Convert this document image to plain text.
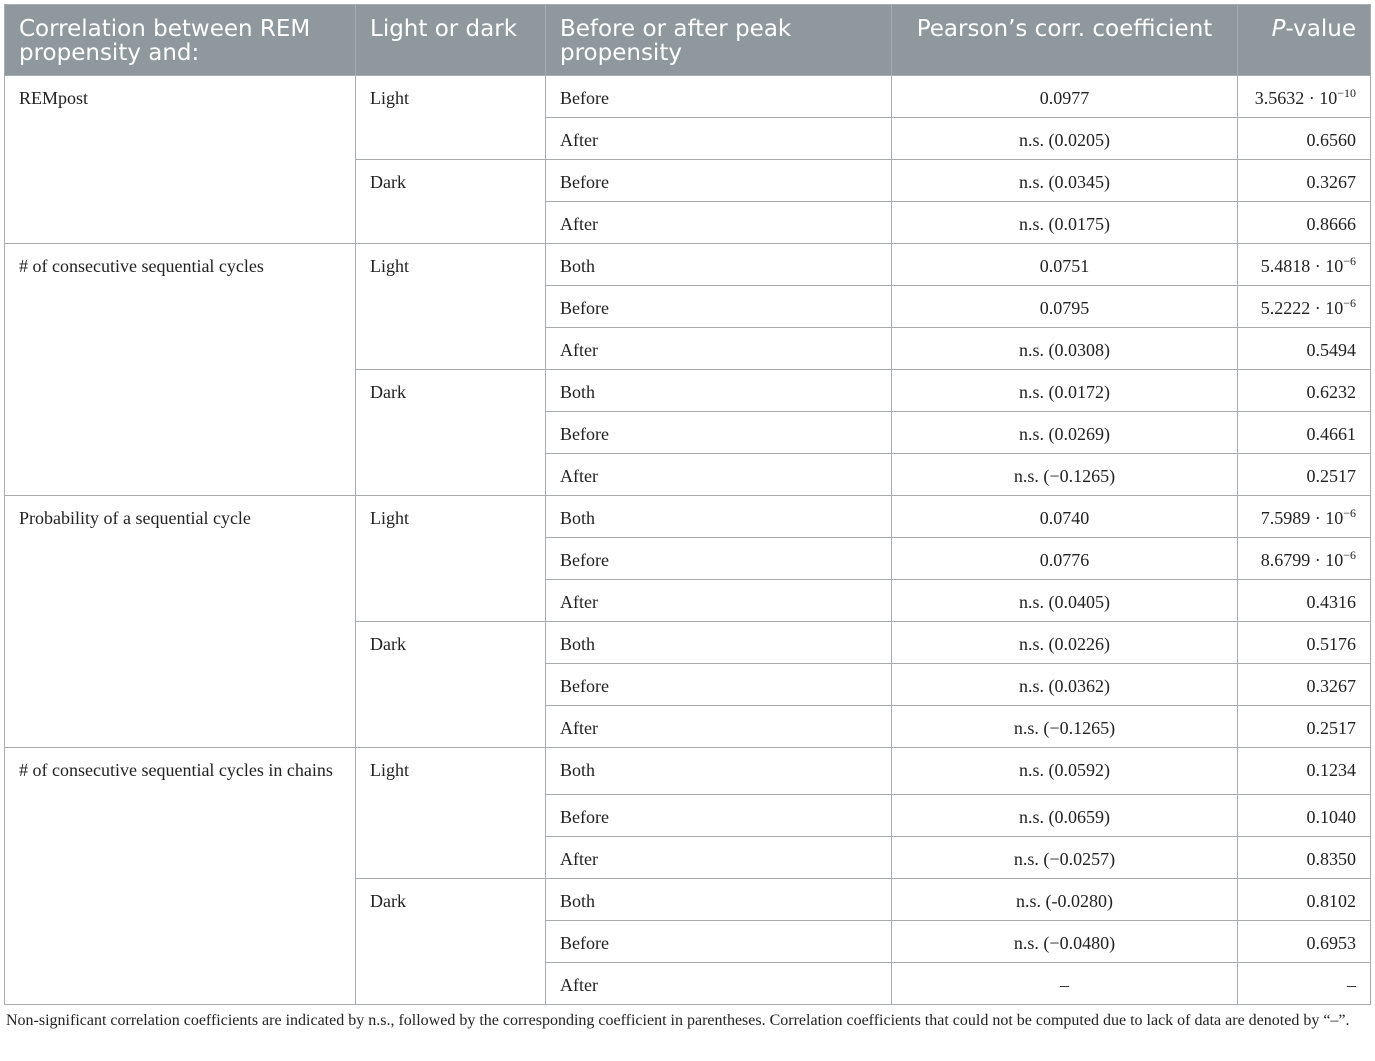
Correlation between REM propensity and:	Light or dark	Before or after peak propensity	Pearson’s corr. coefficient	P-value
REMpost	Light	Before	0.0977	$3.5632 \cdot 10^{-10}$
		After	n.s. (0.0205)	0.6560
	Dark	Before	n.s. (0.0345)	0.3267
		After	n.s. (0.0175)	0.8666
# of consecutive sequential cycles	Light	Both	0.0751	$5.4818 \cdot 10^{-6}$
		Before	0.0795	$5.2222 \cdot 10^{-6}$
		After	n.s. (0.0308)	0.5494
	Dark	Both	n.s. (0.0172)	0.6232
		Before	n.s. (0.0269)	0.4661
		After	n.s. (−0.1265)	0.2517
Probability of a sequential cycle	Light	Both	0.0740	$7.5989 \cdot 10^{-6}$
		Before	0.0776	$8.6799 \cdot 10^{-6}$
		After	n.s. (0.0405)	0.4316
	Dark	Both	n.s. (0.0226)	0.5176
		Before	n.s. (0.0362)	0.3267
		After	n.s. (−0.1265)	0.2517
# of consecutive sequential cycles in chains	Light	Both	n.s. (0.0592)	0.1234
		Before	n.s. (0.0659)	0.1040
		After	n.s. (−0.0257)	0.8350
	Dark	Both	n.s. (-0.0280)	0.8102
		Before	n.s. (−0.0480)	0.6953
		After	–	–
Non-significant correlation coefficients are indicated by n.s., followed by the corresponding coefficient in parentheses. Correlation coefficients that could not be computed due to lack of data are denoted by “–”.
